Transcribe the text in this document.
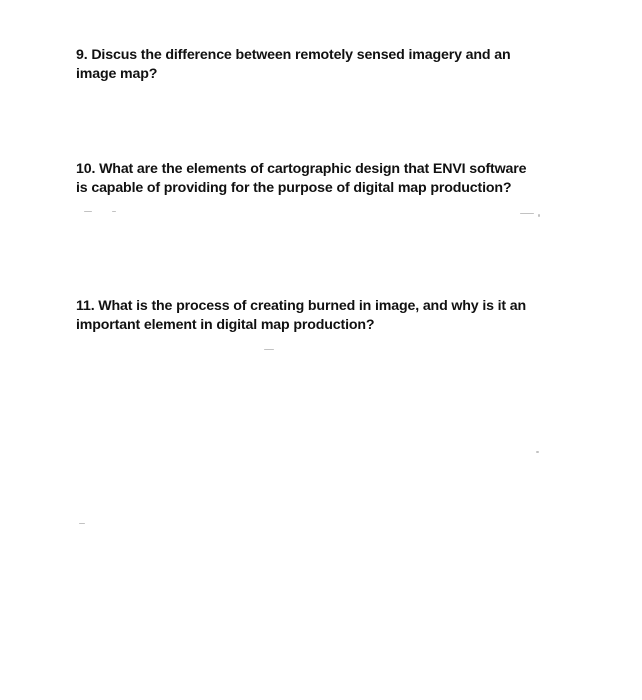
9. Discus the difference between remotely sensed imagery and an
image map?
10. What are the elements of cartographic design that ENVI software
is capable of providing for the purpose of digital map production?
11. What is the process of creating burned in image, and why is it an
important element in digital map production?
